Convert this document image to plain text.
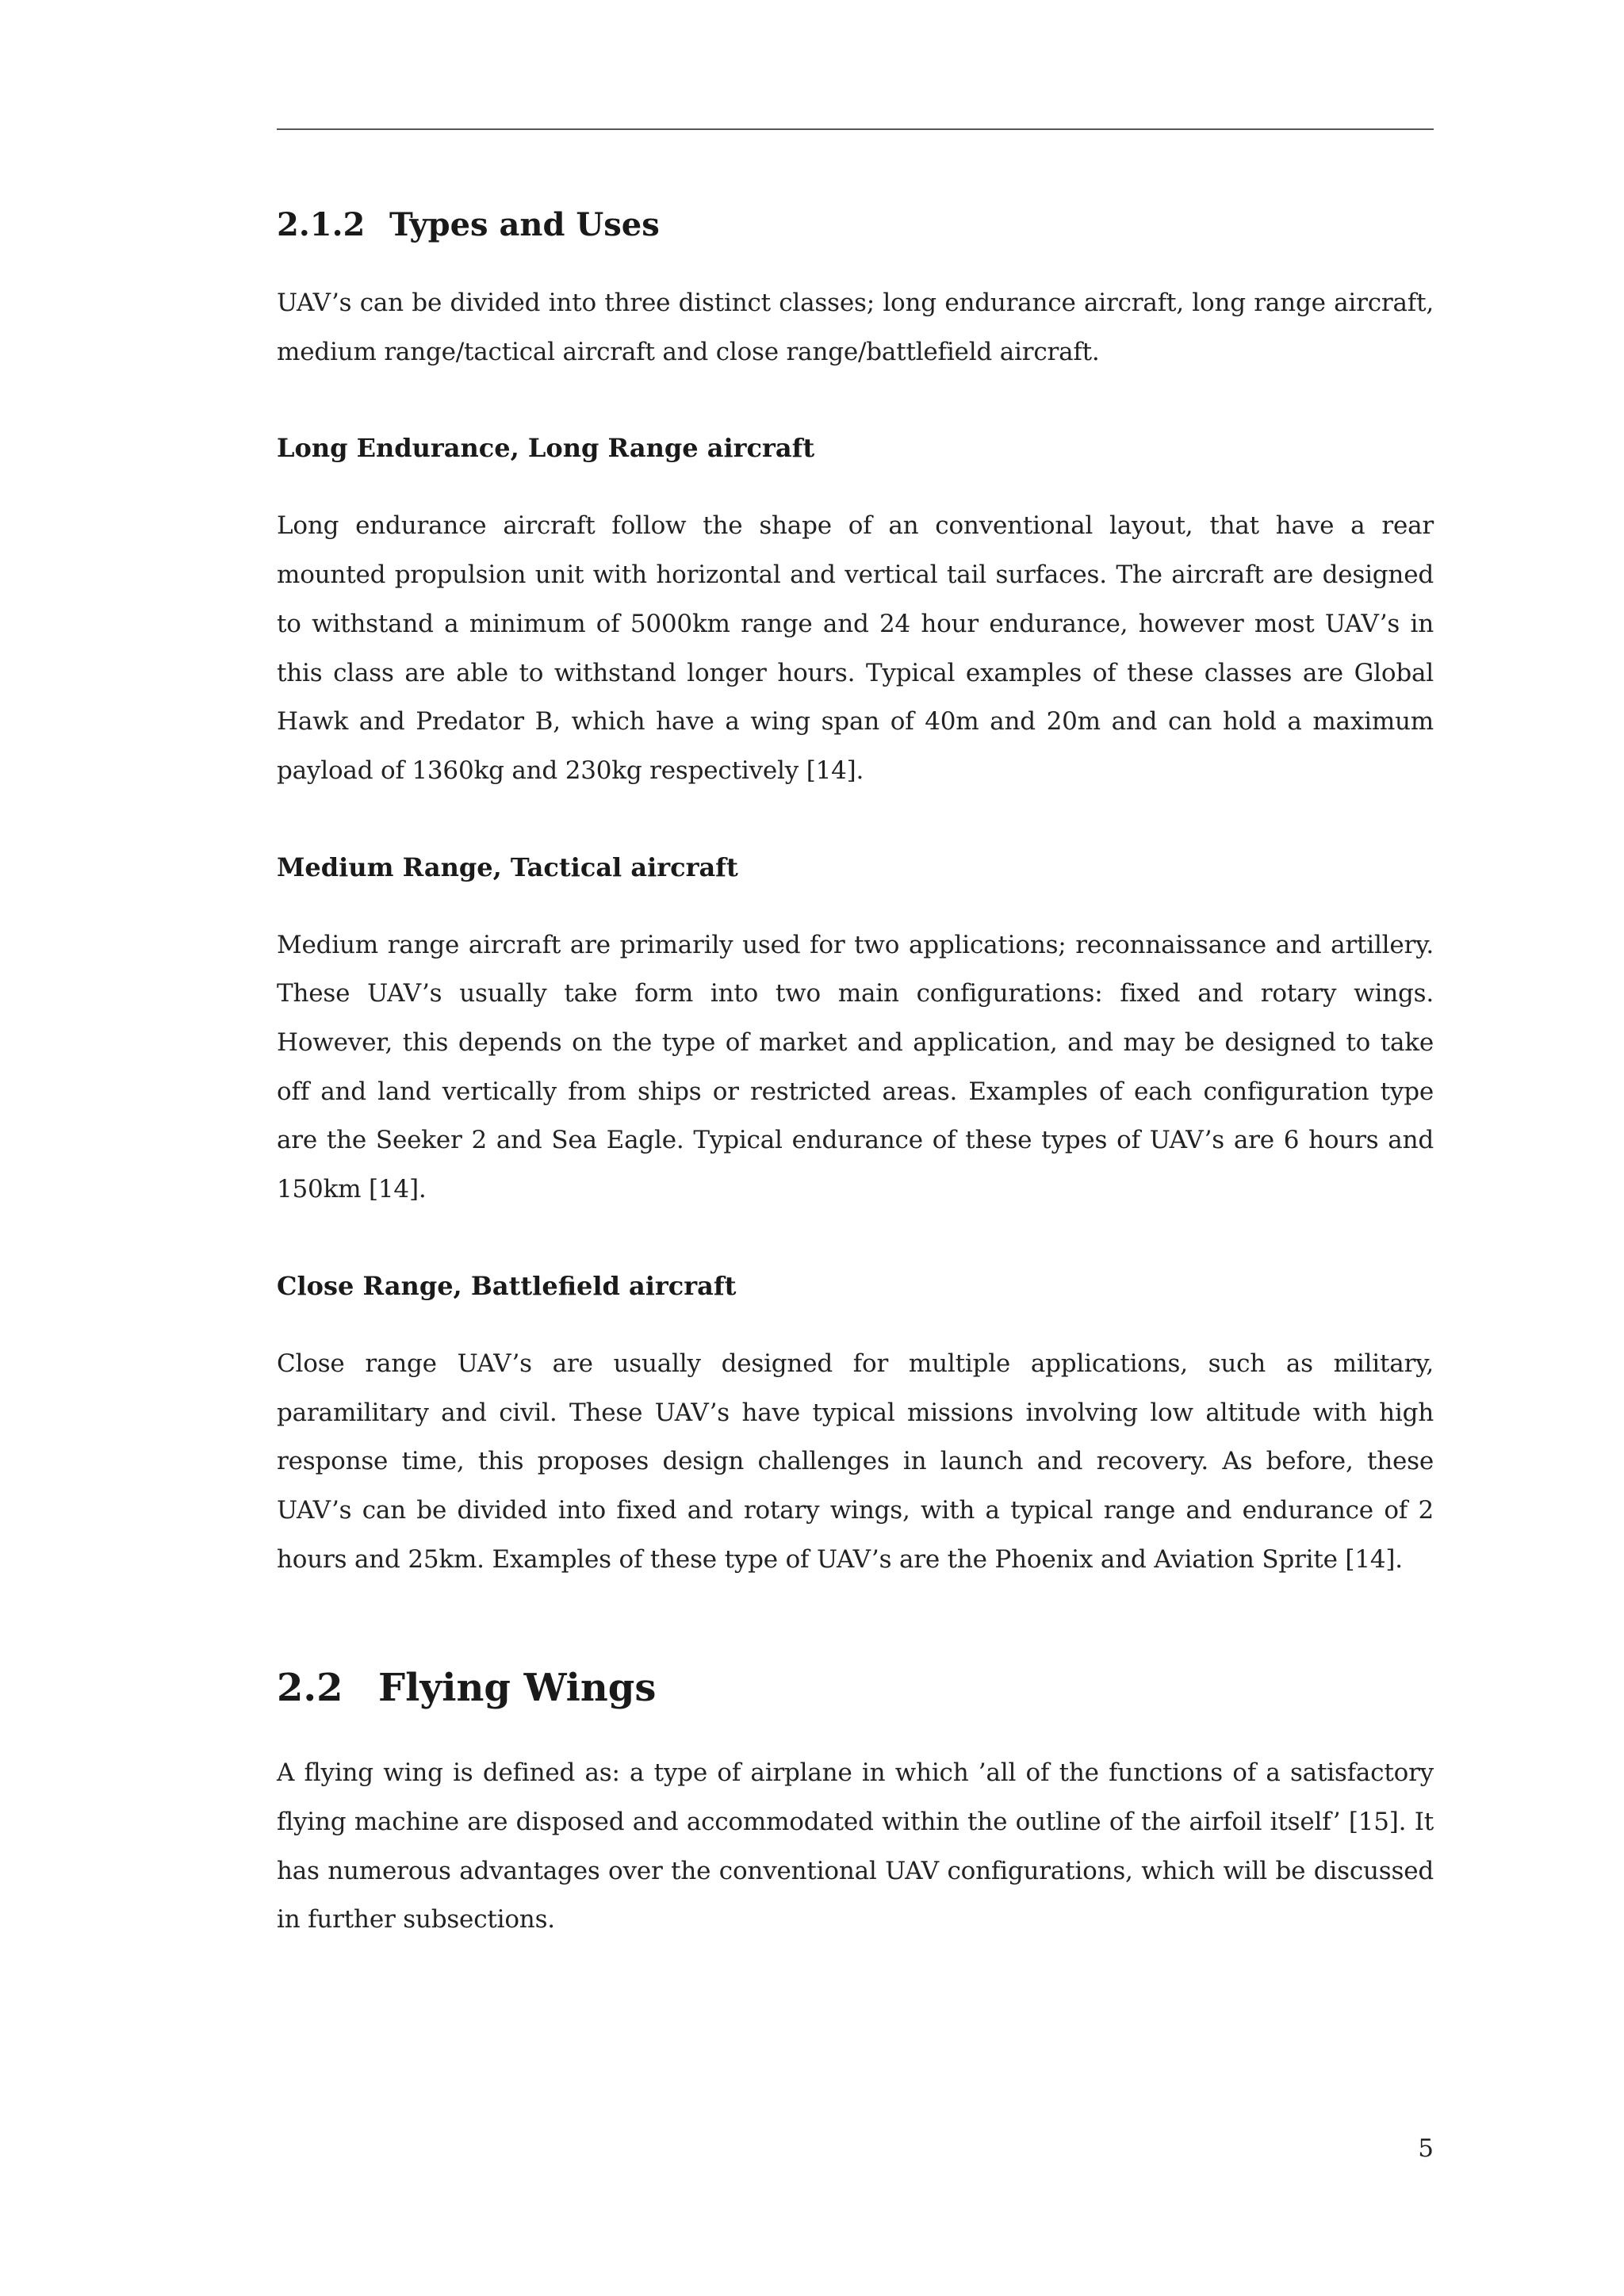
2.1.2 Types and Uses

UAV’s can be divided into three distinct classes; long endurance aircraft, long range aircraft, medium range/tactical aircraft and close range/battlefield aircraft.

Long Endurance, Long Range aircraft

Long endurance aircraft follow the shape of an conventional layout, that have a rear mounted propulsion unit with horizontal and vertical tail surfaces. The aircraft are designed to withstand a minimum of 5000km range and 24 hour endurance, however most UAV’s in this class are able to withstand longer hours. Typical examples of these classes are Global Hawk and Predator B, which have a wing span of 40m and 20m and can hold a maximum payload of 1360kg and 230kg respectively [14].

Medium Range, Tactical aircraft

Medium range aircraft are primarily used for two applications; reconnaissance and artillery. These UAV’s usually take form into two main configurations: fixed and rotary wings. However, this depends on the type of market and application, and may be designed to take off and land vertically from ships or restricted areas. Examples of each configuration type are the Seeker 2 and Sea Eagle. Typical endurance of these types of UAV’s are 6 hours and 150km [14].

Close Range, Battlefield aircraft

Close range UAV’s are usually designed for multiple applications, such as military, paramilitary and civil. These UAV’s have typical missions involving low altitude with high response time, this proposes design challenges in launch and recovery. As before, these UAV’s can be divided into fixed and rotary wings, with a typical range and endurance of 2 hours and 25km. Examples of these type of UAV’s are the Phoenix and Aviation Sprite [14].

2.2 Flying Wings

A flying wing is defined as: a type of airplane in which ’all of the functions of a satisfactory flying machine are disposed and accommodated within the outline of the airfoil itself’ [15]. It has numerous advantages over the conventional UAV configurations, which will be discussed in further subsections.

5
